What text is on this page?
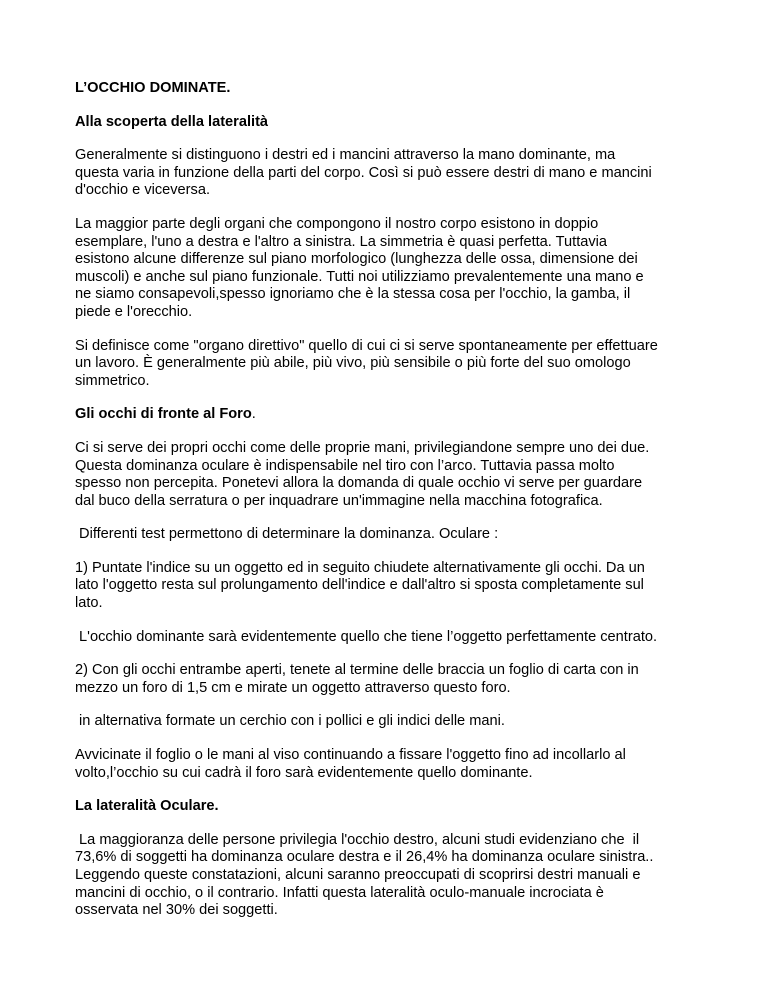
L’OCCHIO DOMINATE.

Alla scoperta della lateralità

Generalmente si distinguono i destri ed i mancini attraverso la mano dominante, ma
questa varia in funzione della parti del corpo. Così si può essere destri di mano e mancini
d'occhio e viceversa.

La maggior parte degli organi che compongono il nostro corpo esistono in doppio
esemplare, l'uno a destra e l'altro a sinistra. La simmetria è quasi perfetta. Tuttavia
esistono alcune differenze sul piano morfologico (lunghezza delle ossa, dimensione dei
muscoli) e anche sul piano funzionale. Tutti noi utilizziamo prevalentemente una mano e
ne siamo consapevoli,spesso ignoriamo che è la stessa cosa per l'occhio, la gamba, il
piede e l'orecchio.

Si definisce come "organo direttivo" quello di cui ci si serve spontaneamente per effettuare
un lavoro. È generalmente più abile, più vivo, più sensibile o più forte del suo omologo
simmetrico.

Gli occhi di fronte al Foro.

Ci si serve dei propri occhi come delle proprie mani, privilegiandone sempre uno dei due.
Questa dominanza oculare è indispensabile nel tiro con l’arco. Tuttavia passa molto
spesso non percepita. Ponetevi allora la domanda di quale occhio vi serve per guardare
dal buco della serratura o per inquadrare un'immagine nella macchina fotografica.

Differenti test permettono di determinare la dominanza. Oculare :

1) Puntate l'indice su un oggetto ed in seguito chiudete alternativamente gli occhi. Da un
lato l'oggetto resta sul prolungamento dell'indice e dall'altro si sposta completamente sul
lato.

L'occhio dominante sarà evidentemente quello che tiene l’oggetto perfettamente centrato.

2) Con gli occhi entrambe aperti, tenete al termine delle braccia un foglio di carta con in
mezzo un foro di 1,5 cm e mirate un oggetto attraverso questo foro.

in alternativa formate un cerchio con i pollici e gli indici delle mani.

Avvicinate il foglio o le mani al viso continuando a fissare l'oggetto fino ad incollarlo al
volto,l’occhio su cui cadrà il foro sarà evidentemente quello dominante.

La lateralità Oculare.

La maggioranza delle persone privilegia l'occhio destro, alcuni studi evidenziano che  il
73,6% di soggetti ha dominanza oculare destra e il 26,4% ha dominanza oculare sinistra..
Leggendo queste constatazioni, alcuni saranno preoccupati di scoprirsi destri manuali e
mancini di occhio, o il contrario. Infatti questa lateralità oculo-manuale incrociata è
osservata nel 30% dei soggetti.
